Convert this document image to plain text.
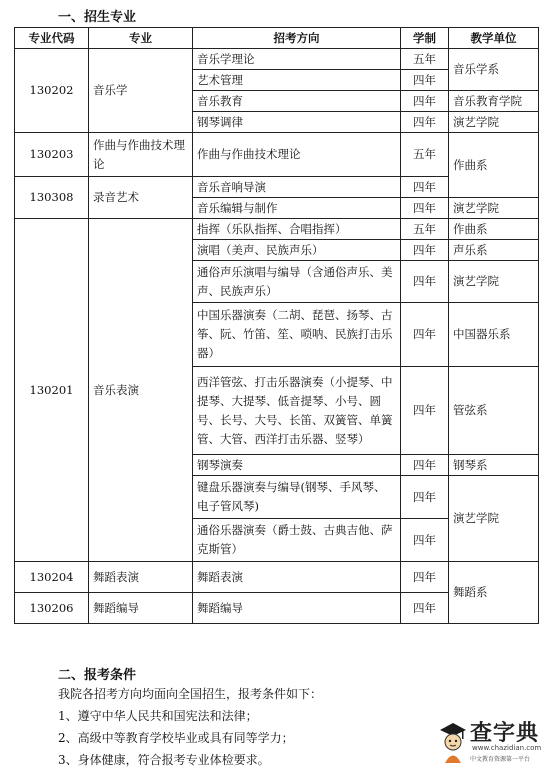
一、招生专业
专业代码	专业	招考方向	学制	教学单位
130202	音乐学	音乐学理论	五年	音乐学系
		艺术管理	四年	
		音乐教育	四年	音乐教育学院
		钢琴调律	四年	演艺学院
130203	作曲与作曲技术理论	作曲与作曲技术理论	五年	作曲系
130308	录音艺术	音乐音响导演	四年	
		音乐编辑与制作	四年	演艺学院
130201	音乐表演	指挥（乐队指挥、合唱指挥）	五年	作曲系
		演唱（美声、民族声乐）	四年	声乐系
		通俗声乐演唱与编导（含通俗声乐、美声、民族声乐）	四年	演艺学院
		中国乐器演奏（二胡、琵琶、扬琴、古筝、阮、竹笛、笙、唢呐、民族打击乐器）	四年	中国器乐系
		西洋管弦、打击乐器演奏（小提琴、中提琴、大提琴、低音提琴、小号、圆号、长号、大号、长笛、双簧管、单簧管、大管、西洋打击乐器、竖琴）	四年	管弦系
		钢琴演奏	四年	钢琴系
		键盘乐器演奏与编导(钢琴、手风琴、电子管风琴)	四年	演艺学院
		通俗乐器演奏（爵士鼓、古典吉他、萨克斯管）	四年	
130204	舞蹈表演	舞蹈表演	四年	舞蹈系
130206	舞蹈编导	舞蹈编导	四年	
二、报考条件
我院各招考方向均面向全国招生，报考条件如下：
1、遵守中华人民共和国宪法和法律；
2、高级中等教育学校毕业或具有同等学力；
3、身体健康，符合报考专业体检要求。
查字典
www.chazidian.com
中文教育资源第一平台
